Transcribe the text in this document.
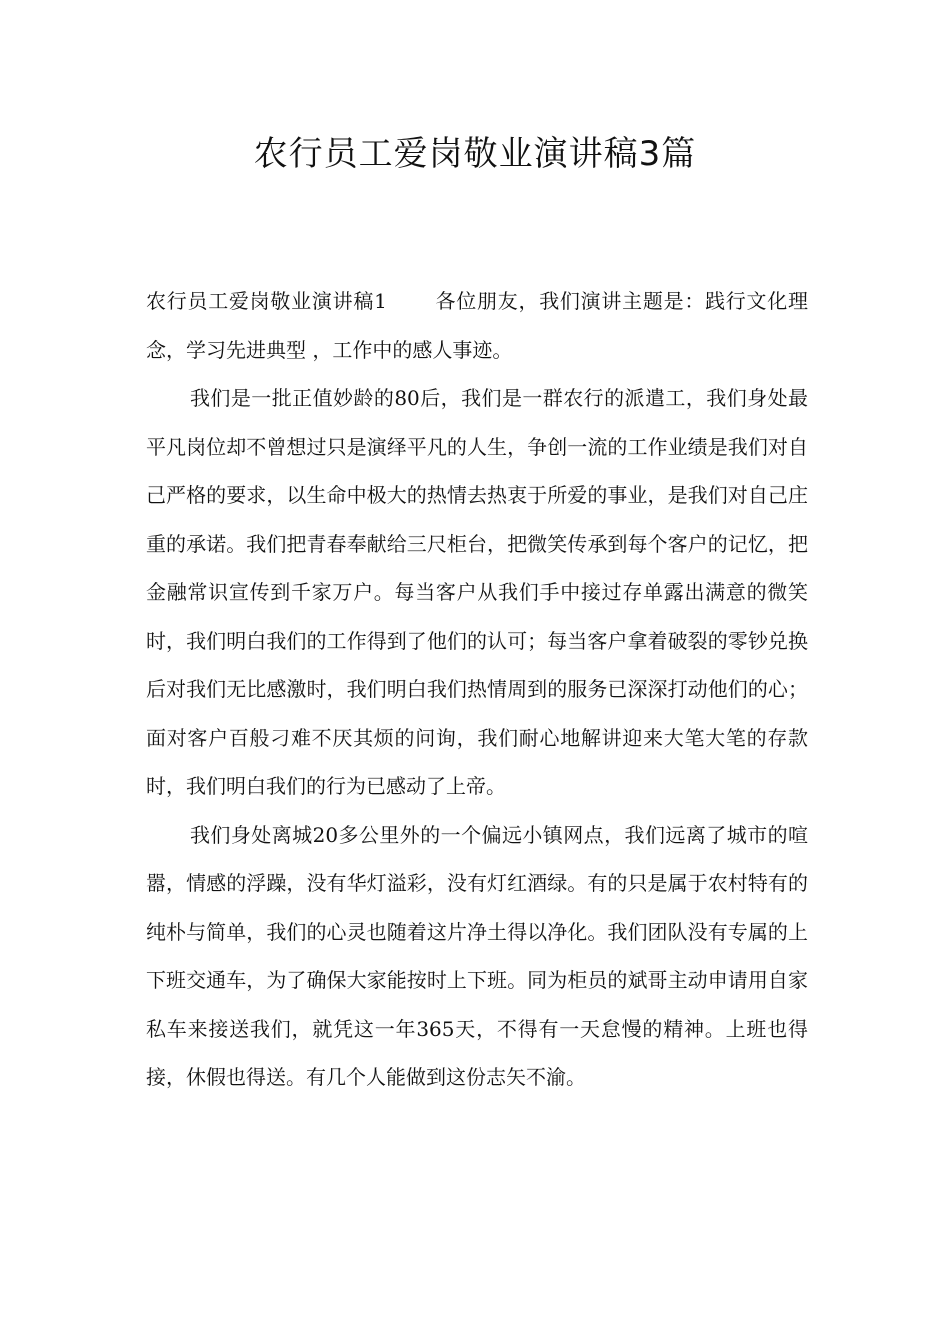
农行员工爱岗敬业演讲稿3篇

农行员工爱岗敬业演讲稿1 各位朋友，我们演讲主题是：践行文化理念，学习先进典型 ，工作中的感人事迹。

我们是一批正值妙龄的80后，我们是一群农行的派遣工，我们身处最平凡岗位却不曾想过只是演绎平凡的人生，争创一流的工作业绩是我们对自己严格的要求，以生命中极大的热情去热衷于所爱的事业，是我们对自己庄重的承诺。我们把青春奉献给三尺柜台，把微笑传承到每个客户的记忆，把金融常识宣传到千家万户。每当客户从我们手中接过存单露出满意的微笑时，我们明白我们的工作得到了他们的认可；每当客户拿着破裂的零钞兑换后对我们无比感激时，我们明白我们热情周到的服务已深深打动他们的心；面对客户百般刁难不厌其烦的问询，我们耐心地解讲迎来大笔大笔的存款时，我们明白我们的行为已感动了上帝。

我们身处离城20多公里外的一个偏远小镇网点，我们远离了城市的喧嚣，情感的浮躁，没有华灯溢彩，没有灯红酒绿。有的只是属于农村特有的纯朴与简单，我们的心灵也随着这片净土得以净化。我们团队没有专属的上下班交通车，为了确保大家能按时上下班。同为柜员的斌哥主动申请用自家私车来接送我们，就凭这一年365天，不得有一天怠慢的精神。上班也得接，休假也得送。有几个人能做到这份志矢不渝。
